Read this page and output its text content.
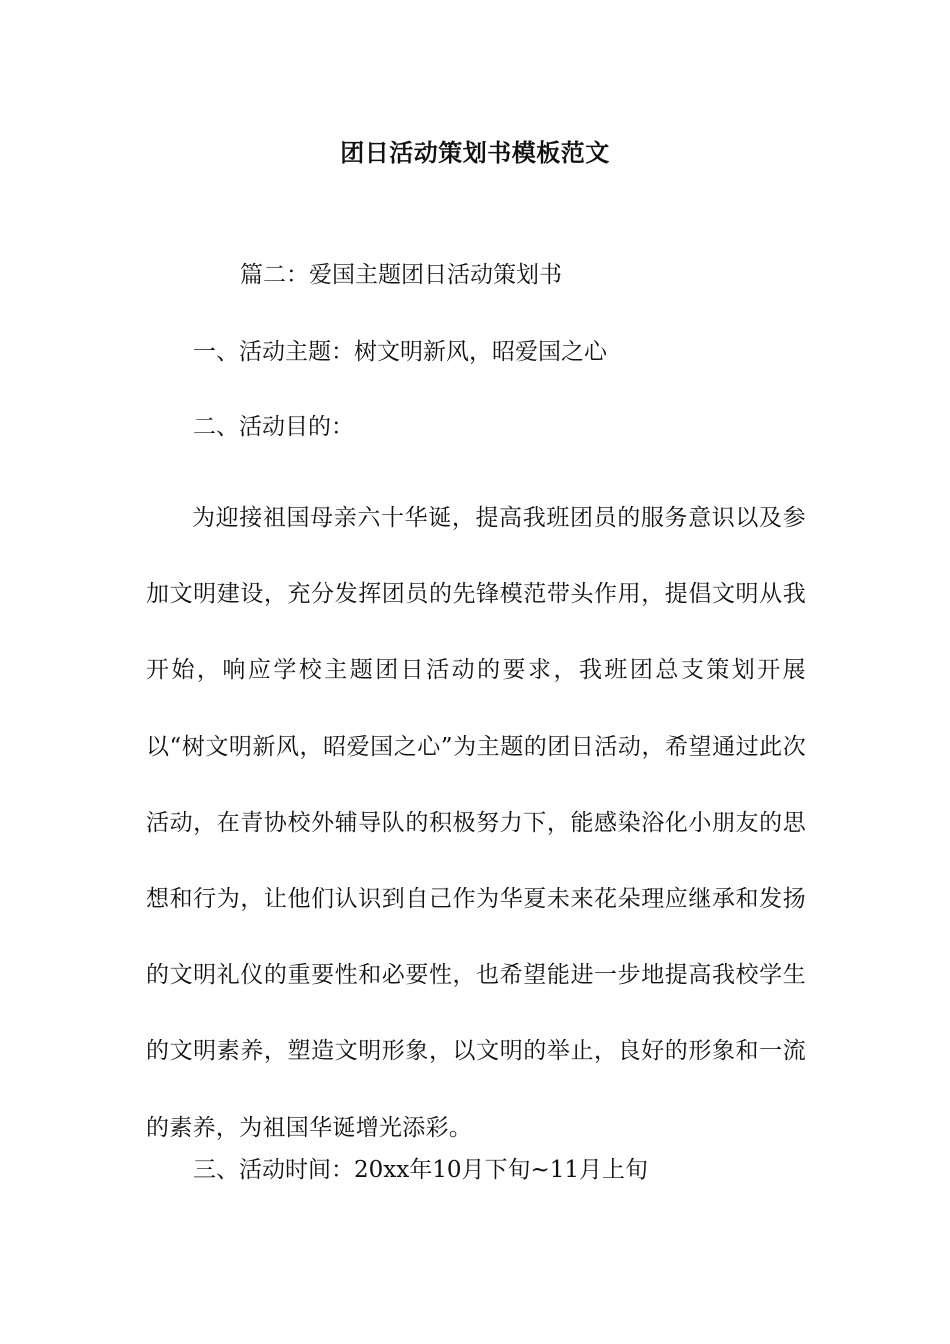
团日活动策划书模板范文
篇二：爱国主题团日活动策划书
一、活动主题：树文明新风，昭爱国之心
二、活动目的：
为迎接祖国母亲六十华诞，提高我班团员的服务意识以及参加文明建设，充分发挥团员的先锋模范带头作用，提倡文明从我开始，响应学校主题团日活动的要求，我班团总支策划开展以“树文明新风，昭爱国之心”为主题的团日活动，希望通过此次活动，在青协校外辅导队的积极努力下，能感染浴化小朋友的思想和行为，让他们认识到自己作为华夏未来花朵理应继承和发扬的文明礼仪的重要性和必要性，也希望能进一步地提高我校学生的文明素养，塑造文明形象，以文明的举止，良好的形象和一流的素养，为祖国华诞增光添彩。
三、活动时间：20xx年10月下旬~11月上旬
